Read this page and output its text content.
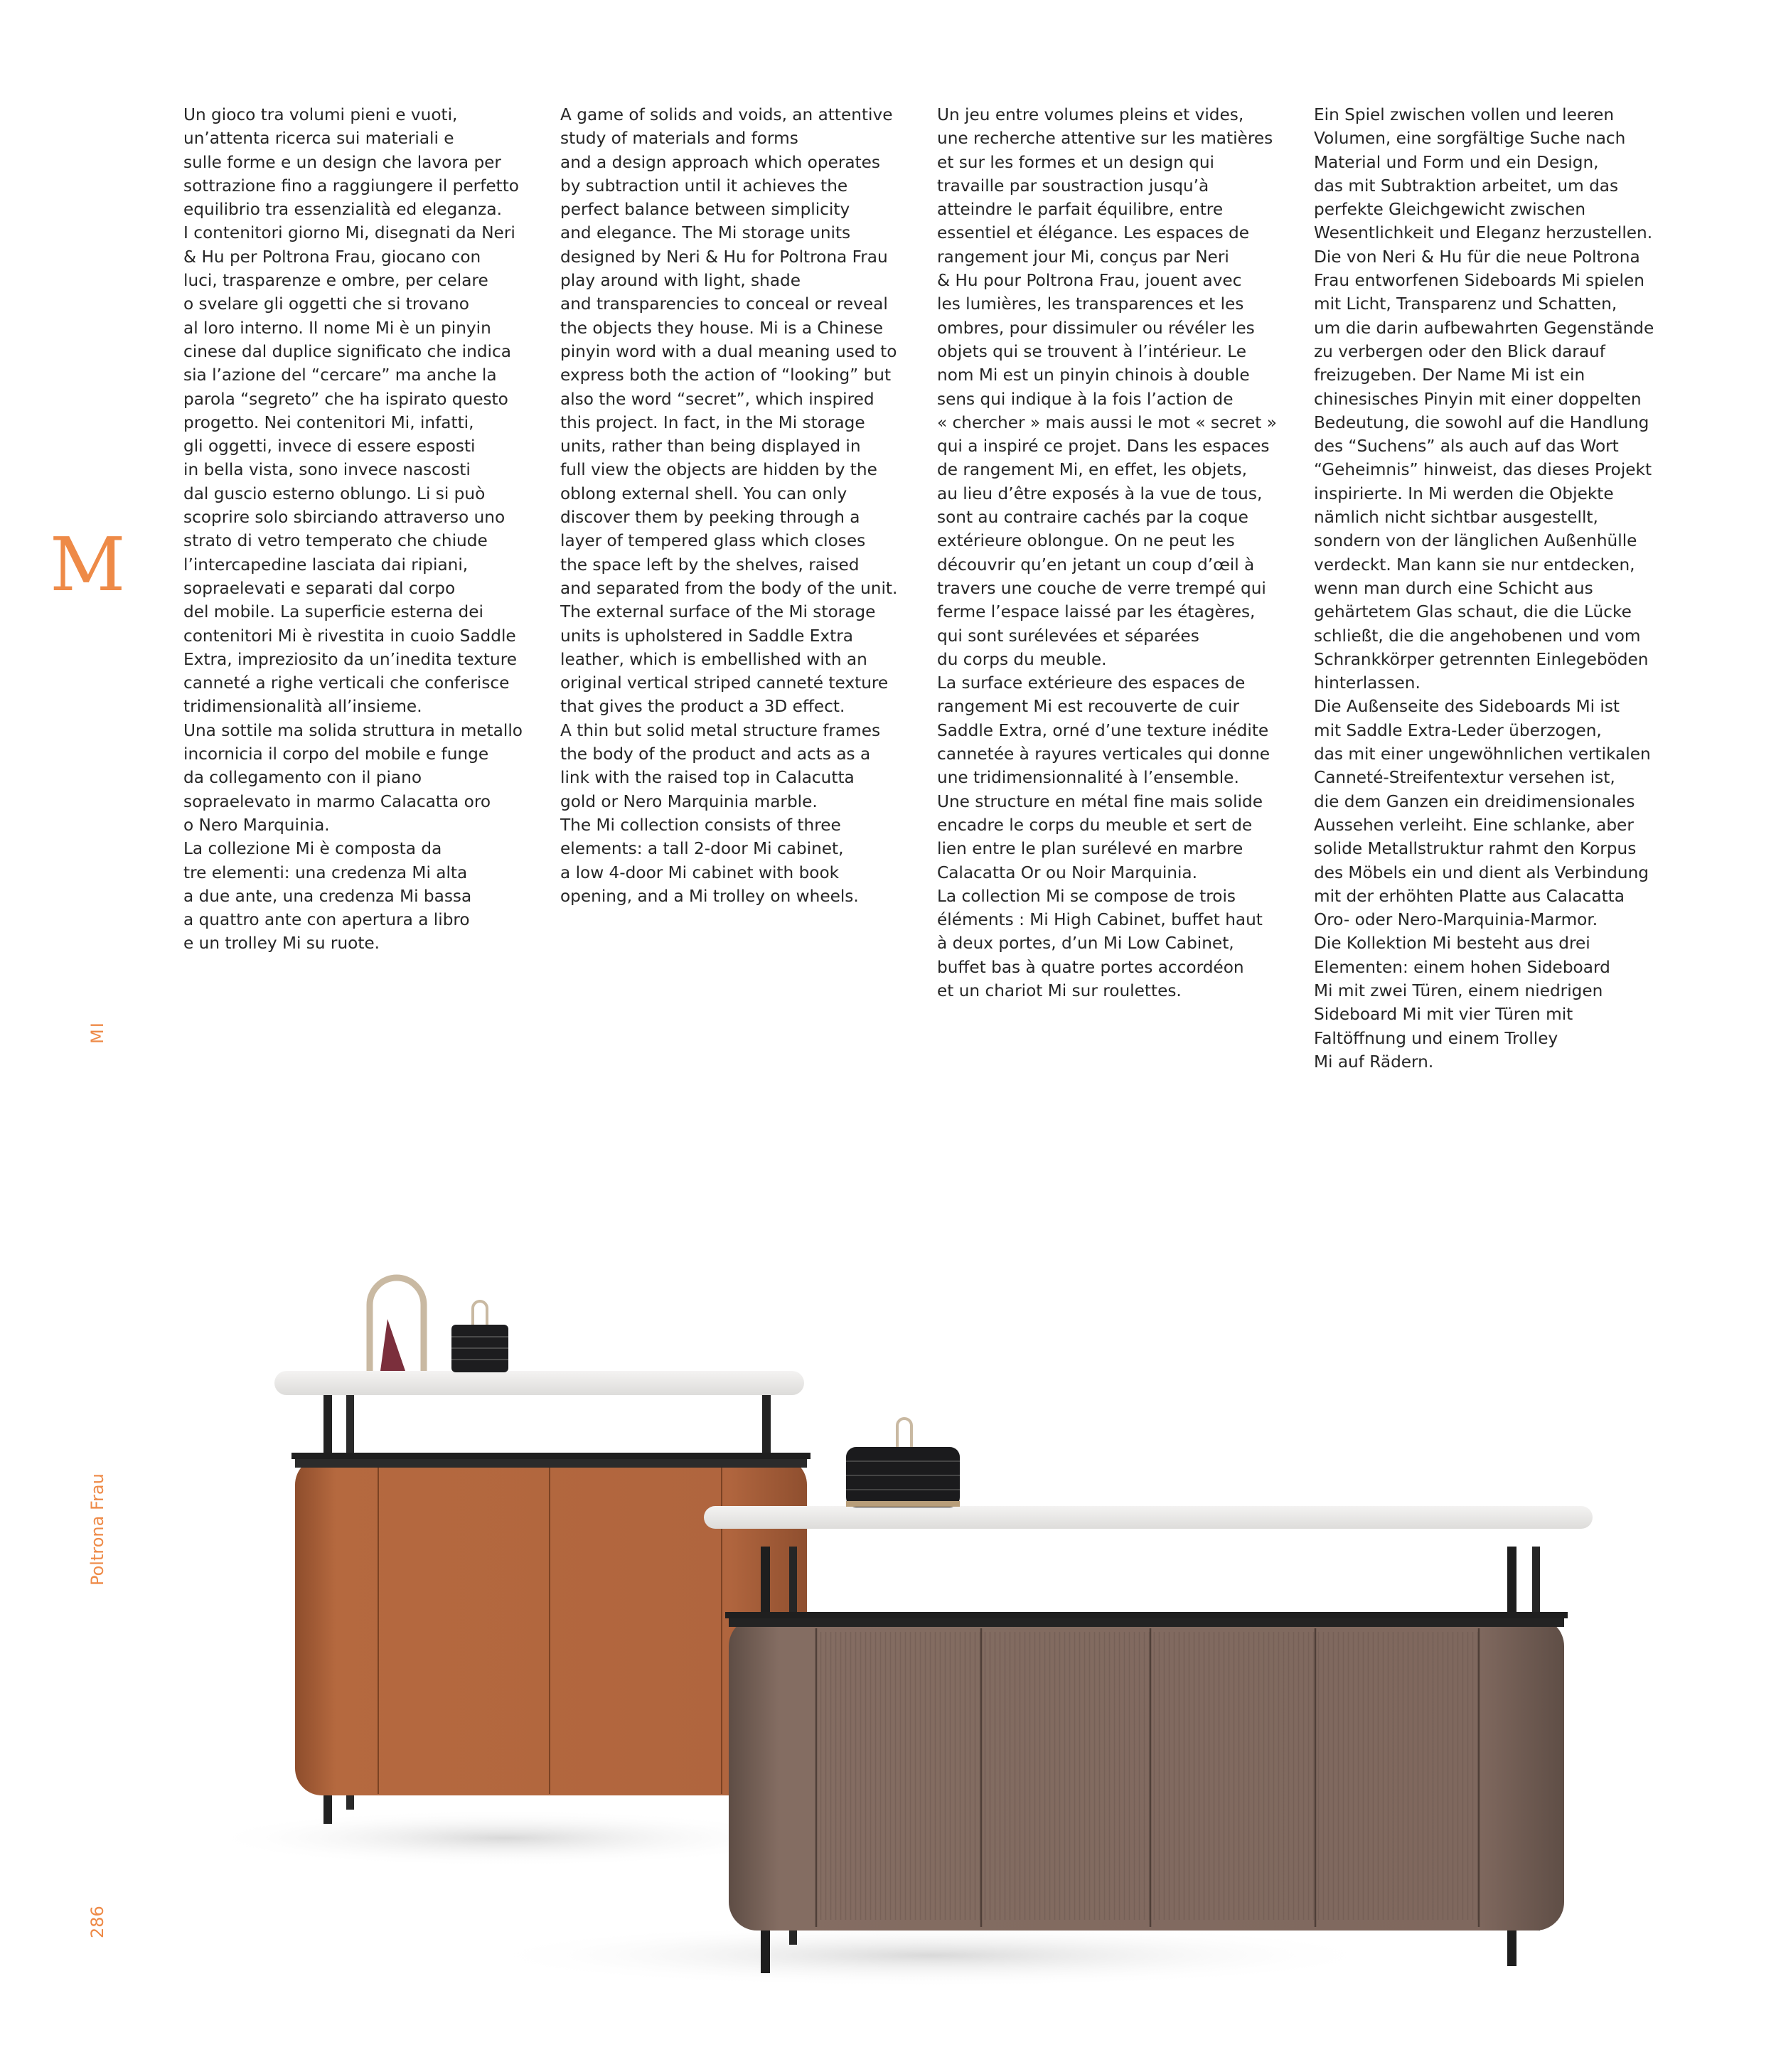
M
MI
Poltrona Frau
286

Un gioco tra volumi pieni e vuoti,
un’attenta ricerca sui materiali e
sulle forme e un design che lavora per
sottrazione fino a raggiungere il perfetto
equilibrio tra essenzialità ed eleganza.
I contenitori giorno Mi, disegnati da Neri
& Hu per Poltrona Frau, giocano con
luci, trasparenze e ombre, per celare
o svelare gli oggetti che si trovano
al loro interno. Il nome Mi è un pinyin
cinese dal duplice significato che indica
sia l’azione del “cercare” ma anche la
parola “segreto” che ha ispirato questo
progetto. Nei contenitori Mi, infatti,
gli oggetti, invece di essere esposti
in bella vista, sono invece nascosti
dal guscio esterno oblungo. Li si può
scoprire solo sbirciando attraverso uno
strato di vetro temperato che chiude
l’intercapedine lasciata dai ripiani,
sopraelevati e separati dal corpo
del mobile. La superficie esterna dei
contenitori Mi è rivestita in cuoio Saddle
Extra, impreziosito da un’inedita texture
canneté a righe verticali che conferisce
tridimensionalità all’insieme.
Una sottile ma solida struttura in metallo
incornicia il corpo del mobile e funge
da collegamento con il piano
sopraelevato in marmo Calacatta oro
o Nero Marquinia.
La collezione Mi è composta da
tre elementi: una credenza Mi alta
a due ante, una credenza Mi bassa
a quattro ante con apertura a libro
e un trolley Mi su ruote.

A game of solids and voids, an attentive
study of materials and forms
and a design approach which operates
by subtraction until it achieves the
perfect balance between simplicity
and elegance. The Mi storage units
designed by Neri & Hu for Poltrona Frau
play around with light, shade
and transparencies to conceal or reveal
the objects they house. Mi is a Chinese
pinyin word with a dual meaning used to
express both the action of “looking” but
also the word “secret”, which inspired
this project. In fact, in the Mi storage
units, rather than being displayed in
full view the objects are hidden by the
oblong external shell. You can only
discover them by peeking through a
layer of tempered glass which closes
the space left by the shelves, raised
and separated from the body of the unit.
The external surface of the Mi storage
units is upholstered in Saddle Extra
leather, which is embellished with an
original vertical striped canneté texture
that gives the product a 3D effect.
A thin but solid metal structure frames
the body of the product and acts as a
link with the raised top in Calacutta
gold or Nero Marquinia marble.
The Mi collection consists of three
elements: a tall 2-door Mi cabinet,
a low 4-door Mi cabinet with book
opening, and a Mi trolley on wheels.

Un jeu entre volumes pleins et vides,
une recherche attentive sur les matières
et sur les formes et un design qui
travaille par soustraction jusqu’à
atteindre le parfait équilibre, entre
essentiel et élégance. Les espaces de
rangement jour Mi, conçus par Neri
& Hu pour Poltrona Frau, jouent avec
les lumières, les transparences et les
ombres, pour dissimuler ou révéler les
objets qui se trouvent à l’intérieur. Le
nom Mi est un pinyin chinois à double
sens qui indique à la fois l’action de
« chercher » mais aussi le mot « secret »
qui a inspiré ce projet. Dans les espaces
de rangement Mi, en effet, les objets,
au lieu d’être exposés à la vue de tous,
sont au contraire cachés par la coque
extérieure oblongue. On ne peut les
découvrir qu’en jetant un coup d’œil à
travers une couche de verre trempé qui
ferme l’espace laissé par les étagères,
qui sont surélevées et séparées
du corps du meuble.
La surface extérieure des espaces de
rangement Mi est recouverte de cuir
Saddle Extra, orné d’une texture inédite
cannetée à rayures verticales qui donne
une tridimensionnalité à l’ensemble.
Une structure en métal fine mais solide
encadre le corps du meuble et sert de
lien entre le plan surélevé en marbre
Calacatta Or ou Noir Marquinia.
La collection Mi se compose de trois
éléments : Mi High Cabinet, buffet haut
à deux portes, d’un Mi Low Cabinet,
buffet bas à quatre portes accordéon
et un chariot Mi sur roulettes.

Ein Spiel zwischen vollen und leeren
Volumen, eine sorgfältige Suche nach
Material und Form und ein Design,
das mit Subtraktion arbeitet, um das
perfekte Gleichgewicht zwischen
Wesentlichkeit und Eleganz herzustellen.
Die von Neri & Hu für die neue Poltrona
Frau entworfenen Sideboards Mi spielen
mit Licht, Transparenz und Schatten,
um die darin aufbewahrten Gegenstände
zu verbergen oder den Blick darauf
freizugeben. Der Name Mi ist ein
chinesisches Pinyin mit einer doppelten
Bedeutung, die sowohl auf die Handlung
des “Suchens” als auch auf das Wort
“Geheimnis” hinweist, das dieses Projekt
inspirierte. In Mi werden die Objekte
nämlich nicht sichtbar ausgestellt,
sondern von der länglichen Außenhülle
verdeckt. Man kann sie nur entdecken,
wenn man durch eine Schicht aus
gehärtetem Glas schaut, die die Lücke
schließt, die die angehobenen und vom
Schrankkörper getrennten Einlegeböden
hinterlassen.
Die Außenseite des Sideboards Mi ist
mit Saddle Extra-Leder überzogen,
das mit einer ungewöhnlichen vertikalen
Canneté-Streifentextur versehen ist,
die dem Ganzen ein dreidimensionales
Aussehen verleiht. Eine schlanke, aber
solide Metallstruktur rahmt den Korpus
des Möbels ein und dient als Verbindung
mit der erhöhten Platte aus Calacatta
Oro- oder Nero-Marquinia-Marmor.
Die Kollektion Mi besteht aus drei
Elementen: einem hohen Sideboard
Mi mit zwei Türen, einem niedrigen
Sideboard Mi mit vier Türen mit
Faltöffnung und einem Trolley
Mi auf Rädern.
